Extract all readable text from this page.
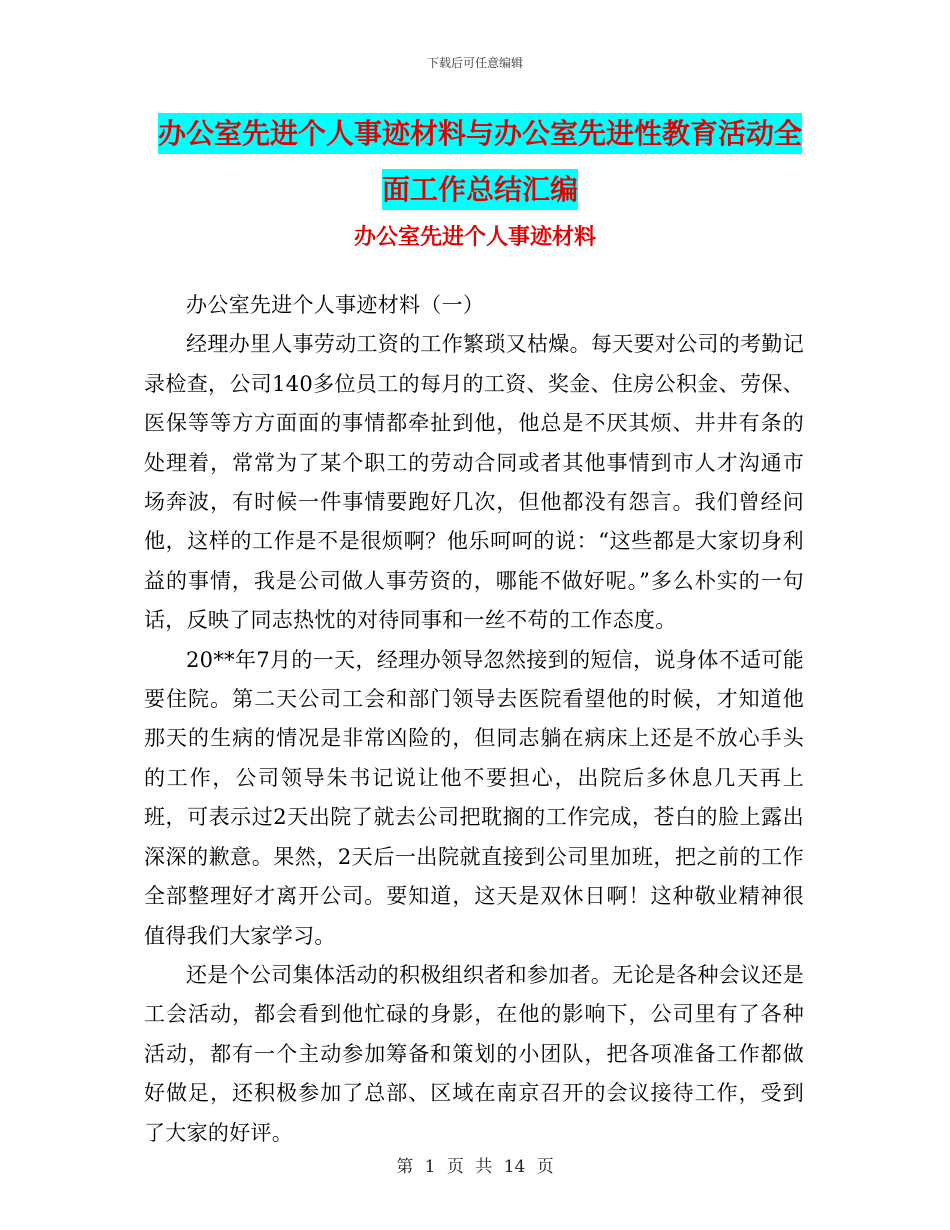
下载后可任意编辑
办公室先进个人事迹材料与办公室先进性教育活动全
面工作总结汇编
办公室先进个人事迹材料

办公室先进个人事迹材料（一）

经理办里人事劳动工资的工作繁琐又枯燥。每天要对公司的考勤记录检查，公司140多位员工的每月的工资、奖金、住房公积金、劳保、医保等等方方面面的事情都牵扯到他，他总是不厌其烦、井井有条的处理着，常常为了某个职工的劳动合同或者其他事情到市人才沟通市场奔波，有时候一件事情要跑好几次，但他都没有怨言。我们曾经问他，这样的工作是不是很烦啊？他乐呵呵的说：“这些都是大家切身利益的事情，我是公司做人事劳资的，哪能不做好呢。”多么朴实的一句话，反映了同志热忱的对待同事和一丝不苟的工作态度。

20**年7月的一天，经理办领导忽然接到的短信，说身体不适可能要住院。第二天公司工会和部门领导去医院看望他的时候，才知道他那天的生病的情况是非常凶险的，但同志躺在病床上还是不放心手头的工作，公司领导朱书记说让他不要担心，出院后多休息几天再上班，可表示过2天出院了就去公司把耽搁的工作完成，苍白的脸上露出深深的歉意。果然，2天后一出院就直接到公司里加班，把之前的工作全部整理好才离开公司。要知道，这天是双休日啊！这种敬业精神很值得我们大家学习。

还是个公司集体活动的积极组织者和参加者。无论是各种会议还是工会活动，都会看到他忙碌的身影，在他的影响下，公司里有了各种活动，都有一个主动参加筹备和策划的小团队，把各项准备工作都做好做足，还积极参加了总部、区域在南京召开的会议接待工作，受到了大家的好评。

第 1 页 共 14 页
